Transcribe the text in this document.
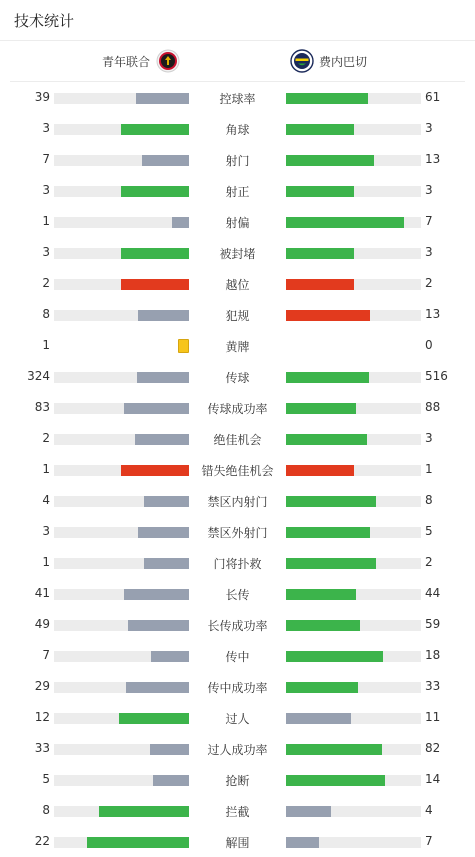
技术统计
青年联合	费内巴切
39	控球率	61
3	角球	3
7	射门	13
3	射正	3
1	射偏	7
3	被封堵	3
2	越位	2
8	犯规	13
1	黄牌	0
324	传球	516
83	传球成功率	88
2	绝佳机会	3
1	错失绝佳机会	1
4	禁区内射门	8
3	禁区外射门	5
1	门将扑救	2
41	长传	44
49	长传成功率	59
7	传中	18
29	传中成功率	33
12	过人	11
33	过人成功率	82
5	抢断	14
8	拦截	4
22	解围	7
